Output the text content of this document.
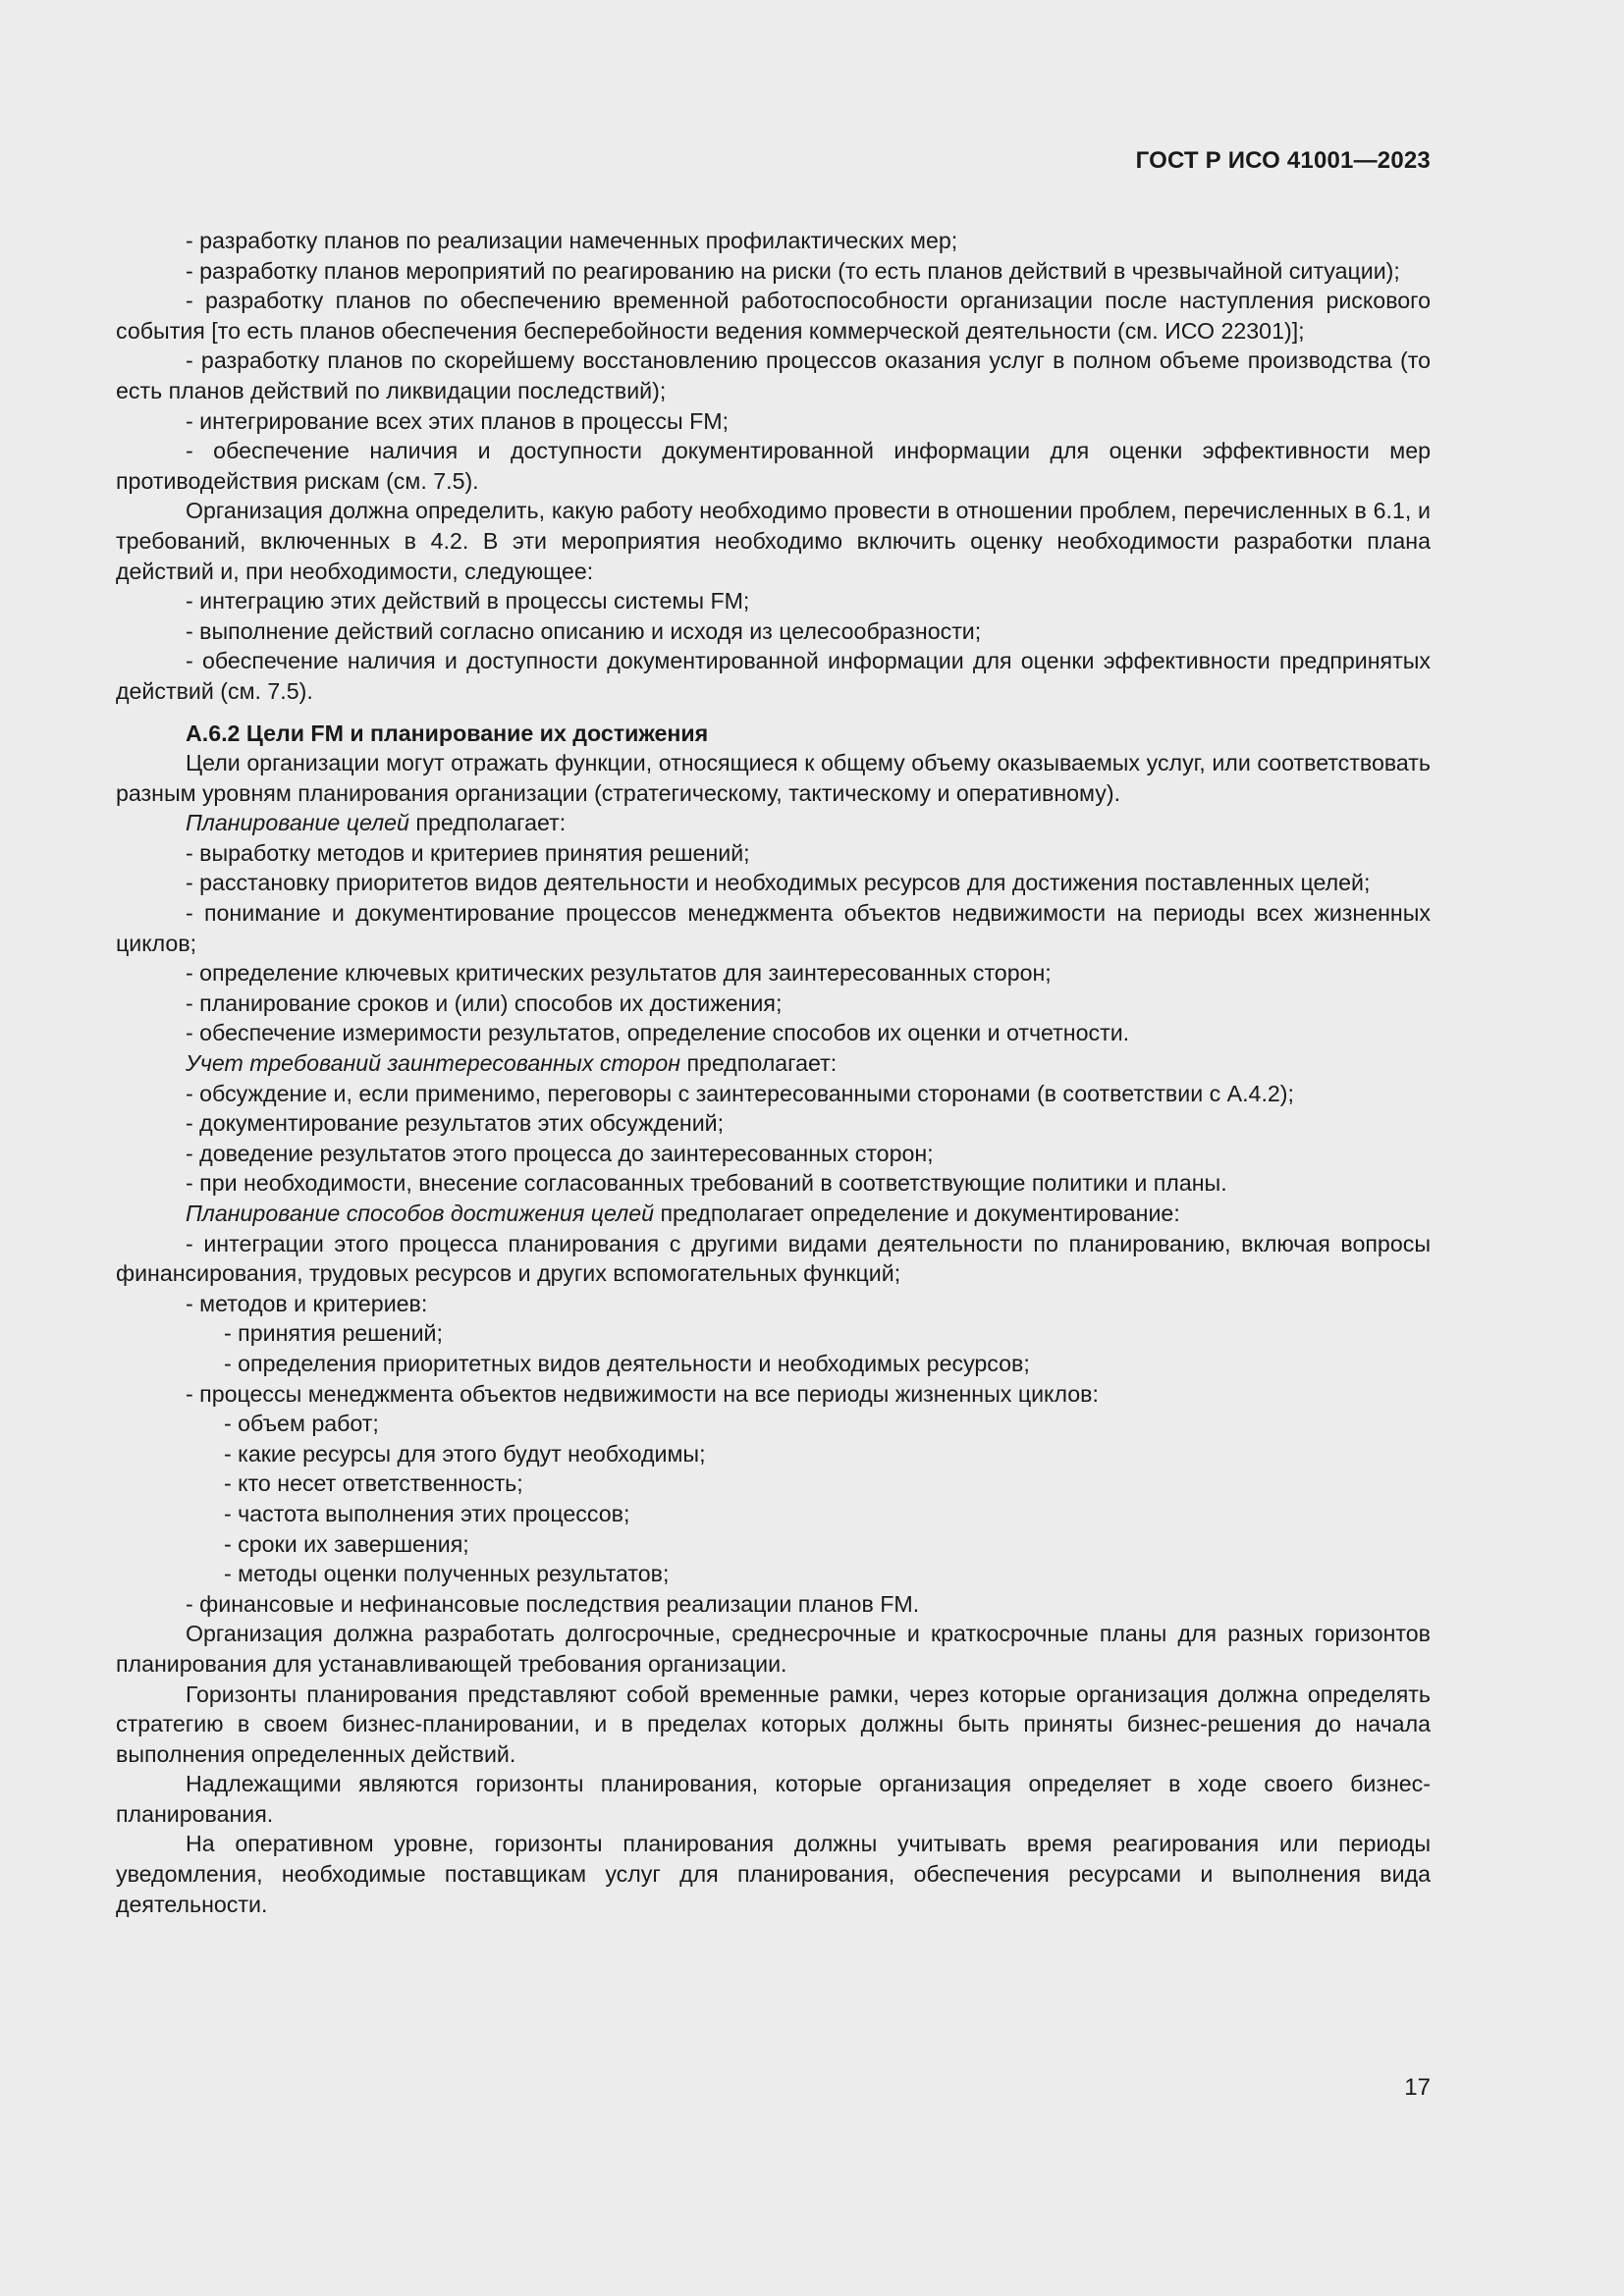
ГОСТ Р ИСО 41001—2023

- разработку планов по реализации намеченных профилактических мер;

- разработку планов мероприятий по реагированию на риски (то есть планов действий в чрезвычайной ситуации);

- разработку планов по обеспечению временной работоспособности организации после наступления рискового события [то есть планов обеспечения бесперебойности ведения коммерческой деятельности (см. ИСО 22301)];

- разработку планов по скорейшему восстановлению процессов оказания услуг в полном объеме производства (то есть планов действий по ликвидации последствий);

- интегрирование всех этих планов в процессы FM;

- обеспечение наличия и доступности документированной информации для оценки эффективности мер противодействия рискам (см. 7.5).

Организация должна определить, какую работу необходимо провести в отношении проблем, перечисленных в 6.1, и требований, включенных в 4.2. В эти мероприятия необходимо включить оценку необходимости разработки плана действий и, при необходимости, следующее:

- интеграцию этих действий в процессы системы FM;

- выполнение действий согласно описанию и исходя из целесообразности;

- обеспечение наличия и доступности документированной информации для оценки эффективности предпринятых действий (см. 7.5).

А.6.2 Цели FM и планирование их достижения

Цели организации могут отражать функции, относящиеся к общему объему оказываемых услуг, или соответствовать разным уровням планирования организации (стратегическому, тактическому и оперативному).

Планирование целей предполагает:

- выработку методов и критериев принятия решений;

- расстановку приоритетов видов деятельности и необходимых ресурсов для достижения поставленных целей;

- понимание и документирование процессов менеджмента объектов недвижимости на периоды всех жизненных циклов;

- определение ключевых критических результатов для заинтересованных сторон;

- планирование сроков и (или) способов их достижения;

- обеспечение измеримости результатов, определение способов их оценки и отчетности.

Учет требований заинтересованных сторон предполагает:

- обсуждение и, если применимо, переговоры с заинтересованными сторонами (в соответствии с А.4.2);

- документирование результатов этих обсуждений;

- доведение результатов этого процесса до заинтересованных сторон;

- при необходимости, внесение согласованных требований в соответствующие политики и планы.

Планирование способов достижения целей предполагает определение и документирование:

- интеграции этого процесса планирования с другими видами деятельности по планированию, включая вопросы финансирования, трудовых ресурсов и других вспомогательных функций;

- методов и критериев:

- принятия решений;

- определения приоритетных видов деятельности и необходимых ресурсов;

- процессы менеджмента объектов недвижимости на все периоды жизненных циклов:

- объем работ;

- какие ресурсы для этого будут необходимы;

- кто несет ответственность;

- частота выполнения этих процессов;

- сроки их завершения;

- методы оценки полученных результатов;

- финансовые и нефинансовые последствия реализации планов FM.

Организация должна разработать долгосрочные, среднесрочные и краткосрочные планы для разных горизонтов планирования для устанавливающей требования организации.

Горизонты планирования представляют собой временные рамки, через которые организация должна определять стратегию в своем бизнес-планировании, и в пределах которых должны быть приняты бизнес-решения до начала выполнения определенных действий.

Надлежащими являются горизонты планирования, которые организация определяет в ходе своего бизнес-планирования.

На оперативном уровне, горизонты планирования должны учитывать время реагирования или периоды уведомления, необходимые поставщикам услуг для планирования, обеспечения ресурсами и выполнения вида деятельности.

17
